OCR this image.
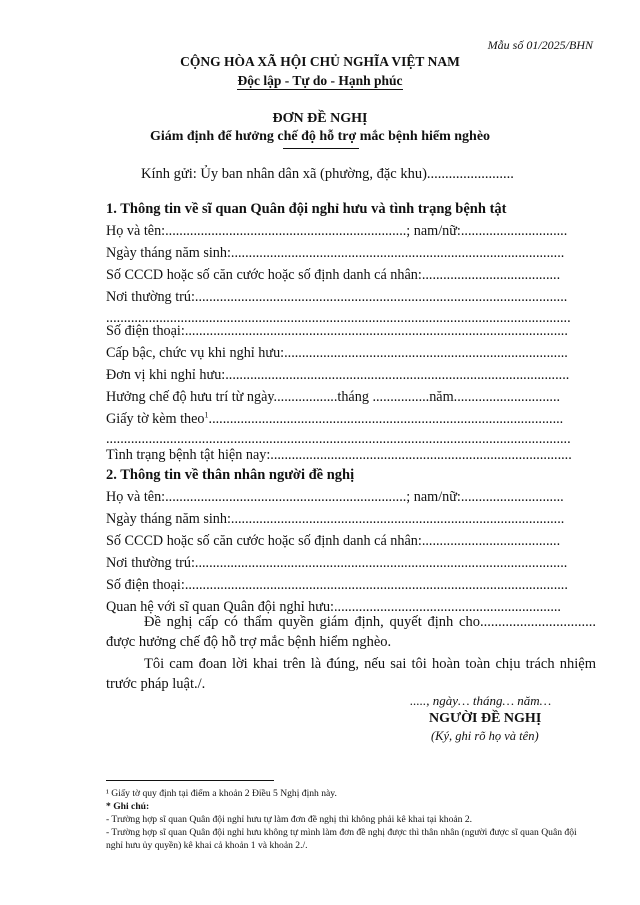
Mẫu số 01/2025/BHN
CỘNG HÒA XÃ HỘI CHỦ NGHĨA VIỆT NAM
Độc lập - Tự do - Hạnh phúc
ĐƠN ĐỀ NGHỊ
Giám định để hưởng chế độ hỗ trợ mắc bệnh hiểm nghèo
Kính gửi: Ủy ban nhân dân xã (phường, đặc khu)........................
1. Thông tin về sĩ quan Quân đội nghỉ hưu và tình trạng bệnh tật
Họ và tên:....................................................................; nam/nữ:..............................
Ngày tháng năm sinh:..............................................................................................
Số CCCD hoặc số căn cước hoặc số định danh cá nhân:.......................................
Nơi thường trú:.........................................................................................................
...................................................................................................................................
Số điện thoại:............................................................................................................
Cấp bậc, chức vụ khi nghỉ hưu:................................................................................
Đơn vị khi nghỉ hưu:.................................................................................................
Hưởng chế độ hưu trí từ ngày..................tháng ................năm..............................
Giấy tờ kèm theo$^1$....................................................................................................
...................................................................................................................................
Tình trạng bệnh tật hiện nay:.....................................................................................
2. Thông tin về thân nhân người đề nghị
Họ và tên:....................................................................; nam/nữ:.............................
Ngày tháng năm sinh:..............................................................................................
Số CCCD hoặc số căn cước hoặc số định danh cá nhân:.......................................
Nơi thường trú:.........................................................................................................
Số điện thoại:............................................................................................................
Quan hệ với sĩ quan Quân đội nghỉ hưu:................................................................
Đề nghị cấp có thẩm quyền giám định, quyết định cho................................ được hưởng chế độ hỗ trợ mắc bệnh hiểm nghèo.
Tôi cam đoan lời khai trên là đúng, nếu sai tôi hoàn toàn chịu trách nhiệm trước pháp luật./.
....., ngày… tháng… năm…
NGƯỜI ĐỀ NGHỊ
(Ký, ghi rõ họ và tên)
¹ Giấy tờ quy định tại điểm a khoản 2 Điều 5 Nghị định này.
* Ghi chú:
- Trường hợp sĩ quan Quân đội nghỉ hưu tự làm đơn đề nghị thì không phải kê khai tại khoản 2.
- Trường hợp sĩ quan Quân đội nghỉ hưu không tự mình làm đơn đề nghị được thì thân nhân (người được sĩ quan Quân đội nghỉ hưu ủy quyền) kê khai cả khoản 1 và khoản 2./.
